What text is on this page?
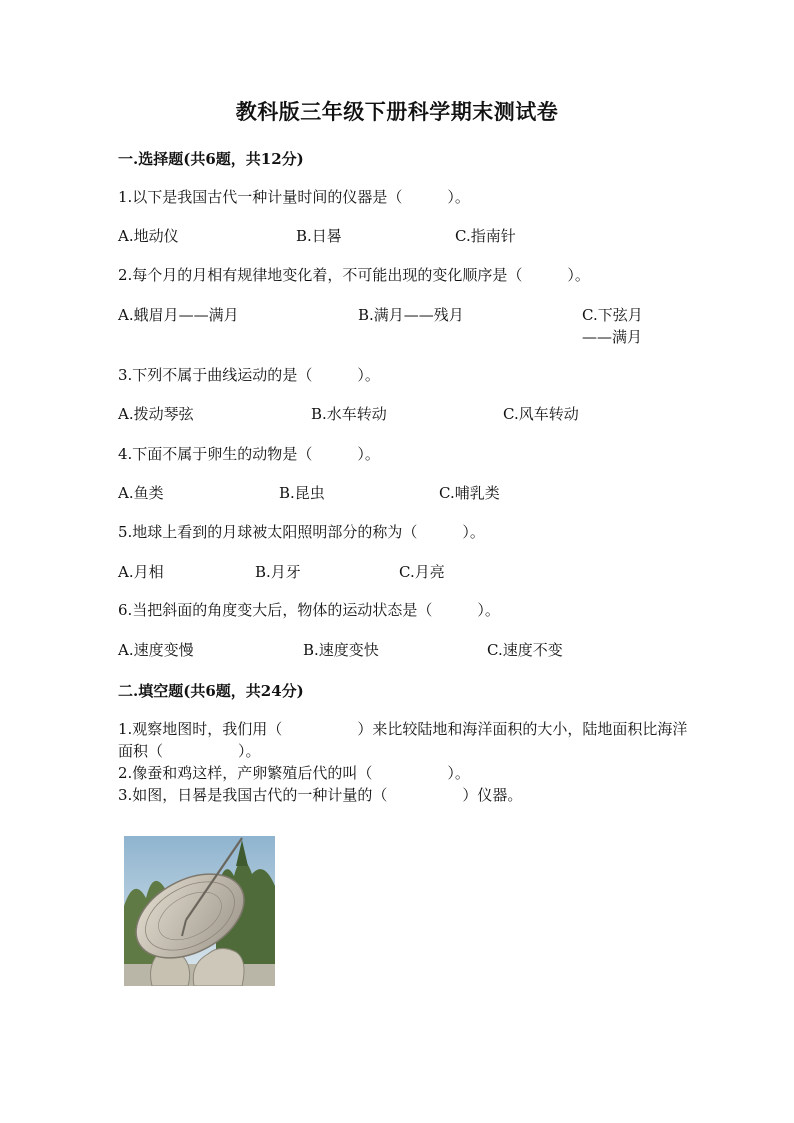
教科版三年级下册科学期末测试卷
一.选择题(共6题，共12分)
1.以下是我国古代一种计量时间的仪器是（　　　）。
A.地动仪	B.日晷	C.指南针
2.每个月的月相有规律地变化着，不可能出现的变化顺序是（　　　）。
A.蛾眉月——满月	B.满月——残月	C.下弦月——满月
3.下列不属于曲线运动的是（　　　）。
A.拨动琴弦	B.水车转动	C.风车转动
4.下面不属于卵生的动物是（　　　）。
A.鱼类	B.昆虫	C.哺乳类
5.地球上看到的月球被太阳照明部分的称为（　　　）。
A.月相	B.月牙	C.月亮
6.当把斜面的角度变大后，物体的运动状态是（　　　）。
A.速度变慢	B.速度变快	C.速度不变
二.填空题(共6题，共24分)
1.观察地图时，我们用（　　　　　）来比较陆地和海洋面积的大小，陆地面积比海洋面积（　　　　　）。
2.像蚕和鸡这样，产卵繁殖后代的叫（　　　　　）。
3.如图，日晷是我国古代的一种计量的（　　　　　）仪器。
